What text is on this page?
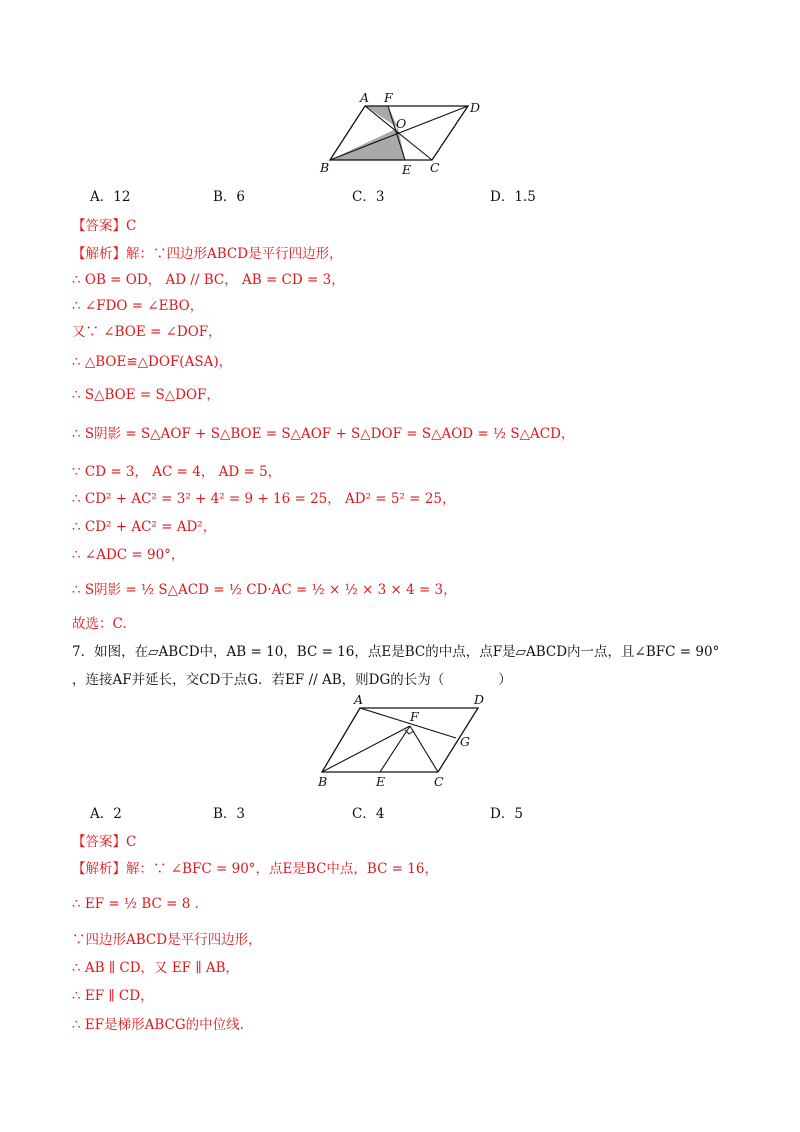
A F
D
O
B	E C
A．12	B．6	C．3	D．1.5
【答案】C
【解析】解：∵四边形ABCD是平行四边形，
∴ OB = OD， AD // BC， AB = CD = 3，
∴ ∠FDO = ∠EBO，
又∵ ∠BOE = ∠DOF，
∴ △BOE≌△DOF(ASA)，
∴ S△BOE = S△DOF，
∴ S阴影 = S△AOF + S△BOE = S△AOF + S△DOF = S△AOD = ½ S△ACD，
∵ CD = 3， AC = 4， AD = 5，
∴ CD² + AC² = 3² + 4² = 9 + 16 = 25， AD² = 5² = 25，
∴ CD² + AC² = AD²，
∴ ∠ADC = 90°，
∴ S阴影 = ½ S△ACD = ½ CD·AC = ½ × ½ × 3 × 4 = 3，
故选：C.
7．如图，在▱ABCD中，AB = 10，BC = 16，点E是BC的中点，点F是▱ABCD内一点，且∠BFC = 90°
，连接AF并延长，交CD于点G．若EF // AB，则DG的长为（　　　　）
A	D
F
G
B	E	C
A．2	B．3	C．4	D．5
【答案】C
【解析】解：∵ ∠BFC = 90°，点E是BC中点，BC = 16，
∴ EF = ½ BC = 8 ．
∵四边形ABCD是平行四边形，
∴ AB ∥ CD，又 EF ∥ AB，
∴ EF ∥ CD，
∴ EF是梯形ABCG的中位线.
